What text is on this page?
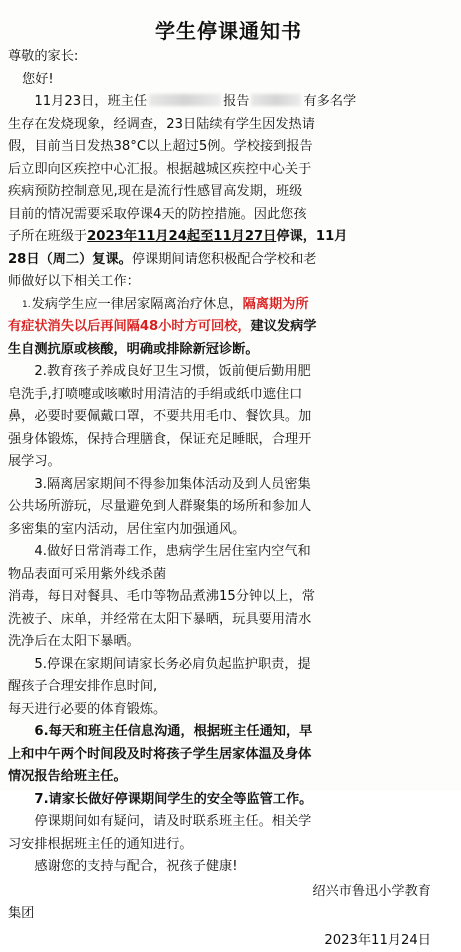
学生停课通知书
尊敬的家长:
您好!
11月23日，班主任	报告	有多名学
生存在发烧现象，经调查，23日陆续有学生因发热请
假，目前当日发热38°C以上超过5例。学校接到报告
后立即向区疾控中心汇报。根据越城区疾控中心关于
疾病预防控制意见,现在是流行性感冒高发期，班级
目前的情况需要采取停课4天的防控措施。因此您孩
子所在班级于2023年11月24起至11月27日停课，11月
28日（周二）复课。停课期间请您积极配合学校和老
师做好以下相关工作：
1.发病学生应一律居家隔离治疗休息，隔离期为所
有症状消失以后再间隔48小时方可回校，建议发病学
生自测抗原或核酸，明确或排除新冠诊断。
2.教育孩子养成良好卫生习惯，饭前便后勤用肥
皂洗手,打喷嚏或咳嗽时用清洁的手绢或纸巾遮住口
鼻，必要时要佩戴口罩，不要共用毛巾、餐饮具。加
强身体锻炼，保持合理膳食，保证充足睡眠，合理开
展学习。
3.隔离居家期间不得参加集体活动及到人员密集
公共场所游玩，尽量避免到人群聚集的场所和参加人
多密集的室内活动，居住室内加强通风。
4.做好日常消毒工作，患病学生居住室内空气和
物品表面可采用紫外线杀菌
消毒，每日对餐具、毛巾等物品煮沸15分钟以上，常
洗被子、床单，并经常在太阳下暴晒，玩具要用清水
洗净后在太阳下暴晒。
5.停课在家期间请家长务必肩负起监护职责，提
醒孩子合理安排作息时间,
每天进行必要的体育锻炼。
6.每天和班主任信息沟通，根据班主任通知，早
上和中午两个时间段及时将孩子学生居家体温及身体
情况报告给班主任。
7.请家长做好停课期间学生的安全等监管工作。
停课期间如有疑问，请及时联系班主任。相关学
习安排根据班主任的通知进行。
感谢您的支持与配合，祝孩子健康!
绍兴市鲁迅小学教育
集团
2023年11月24日
